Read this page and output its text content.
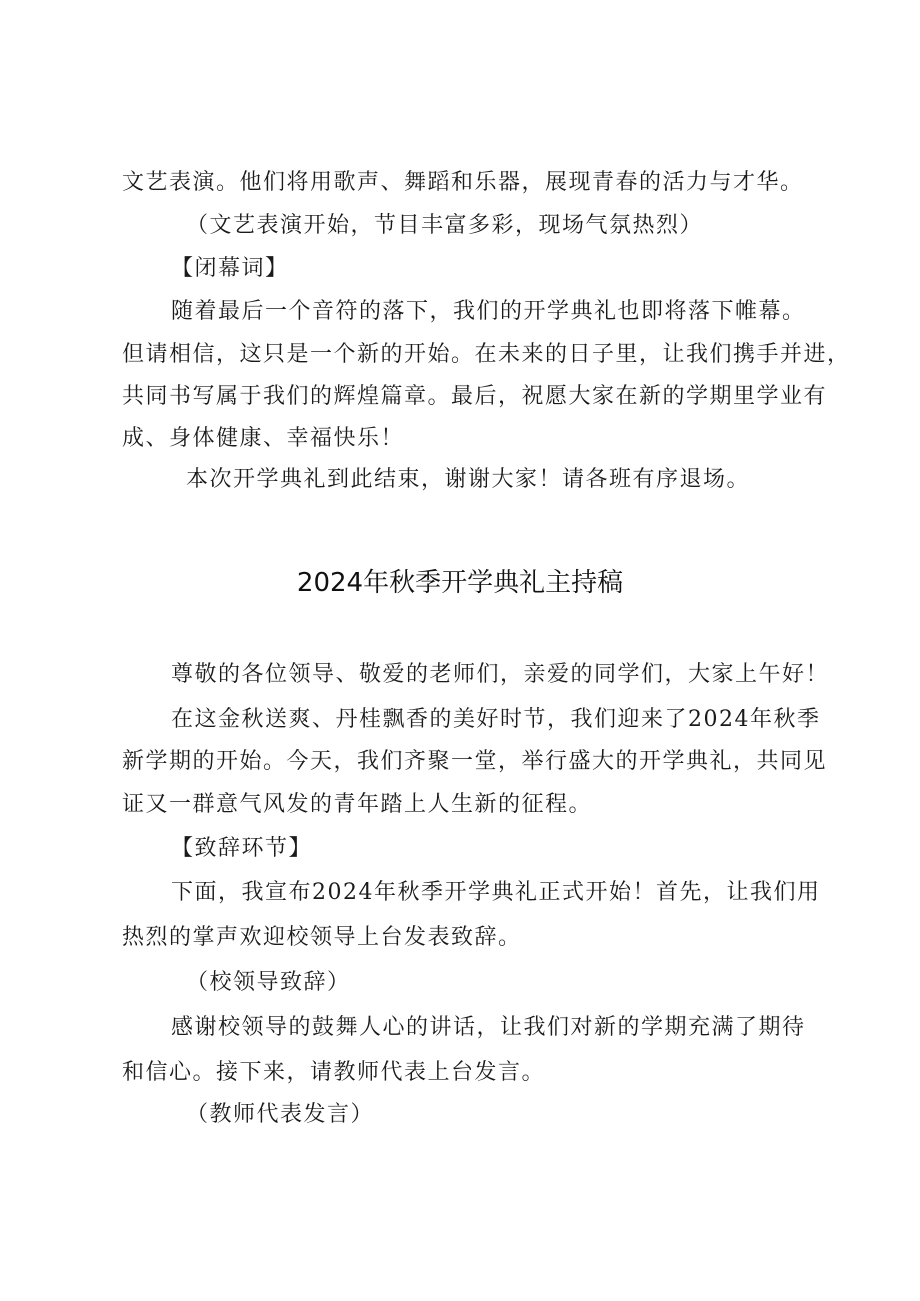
文艺表演。他们将用歌声、舞蹈和乐器，展现青春的活力与才华。
（文艺表演开始，节目丰富多彩，现场气氛热烈）
【闭幕词】
随着最后一个音符的落下，我们的开学典礼也即将落下帷幕。
但请相信，这只是一个新的开始。在未来的日子里，让我们携手并进，
共同书写属于我们的辉煌篇章。最后，祝愿大家在新的学期里学业有
成、身体健康、幸福快乐！
本次开学典礼到此结束，谢谢大家！请各班有序退场。
2024年秋季开学典礼主持稿
尊敬的各位领导、敬爱的老师们，亲爱的同学们，大家上午好！
在这金秋送爽、丹桂飘香的美好时节，我们迎来了2024年秋季
新学期的开始。今天，我们齐聚一堂，举行盛大的开学典礼，共同见
证又一群意气风发的青年踏上人生新的征程。
【致辞环节】
下面，我宣布2024年秋季开学典礼正式开始！首先，让我们用
热烈的掌声欢迎校领导上台发表致辞。
（校领导致辞）
感谢校领导的鼓舞人心的讲话，让我们对新的学期充满了期待
和信心。接下来，请教师代表上台发言。
（教师代表发言）
